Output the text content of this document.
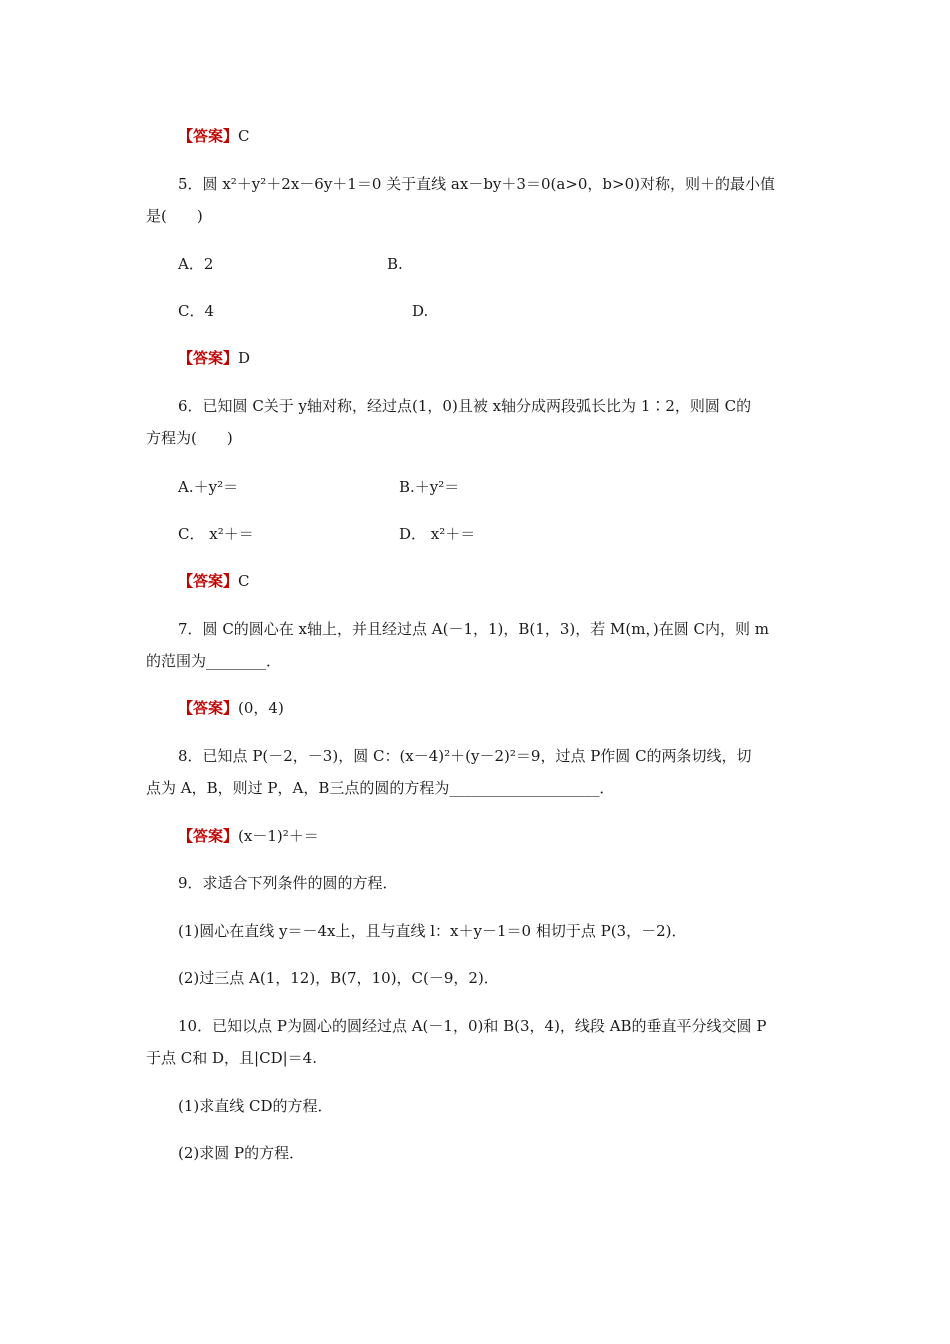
【答案】C
5．圆 x²＋y²＋2x－6y＋1＝0 关于直线 ax－by＋3＝0(a>0，b>0)对称，则＋的最小值
是(　　)
A．2	B.
C．4	D.
【答案】D
6．已知圆 C关于 y轴对称，经过点(1，0)且被 x轴分成两段弧长比为 1∶2，则圆 C的
方程为(　　)
A.＋y²＝	B.＋y²＝
C． x²＋＝	D． x²＋＝
【答案】C
7．圆 C的圆心在 x轴上，并且经过点 A(－1，1)，B(1，3)，若 M(m，)在圆 C内，则 m
的范围为________．
【答案】(0，4)
8．已知点 P(－2，－3)，圆 C：(x－4)²＋(y－2)²＝9，过点 P作圆 C的两条切线，切
点为 A，B，则过 P，A，B三点的圆的方程为____________________．
【答案】(x－1)²＋＝
9．求适合下列条件的圆的方程．
(1)圆心在直线 y＝－4x上，且与直线 l：x＋y－1＝0 相切于点 P(3，－2)．
(2)过三点 A(1，12)，B(7，10)，C(－9，2)．
10．已知以点 P为圆心的圆经过点 A(－1，0)和 B(3，4)，线段 AB的垂直平分线交圆 P
于点 C和 D，且|CD|＝4.
(1)求直线 CD的方程．
(2)求圆 P的方程．
